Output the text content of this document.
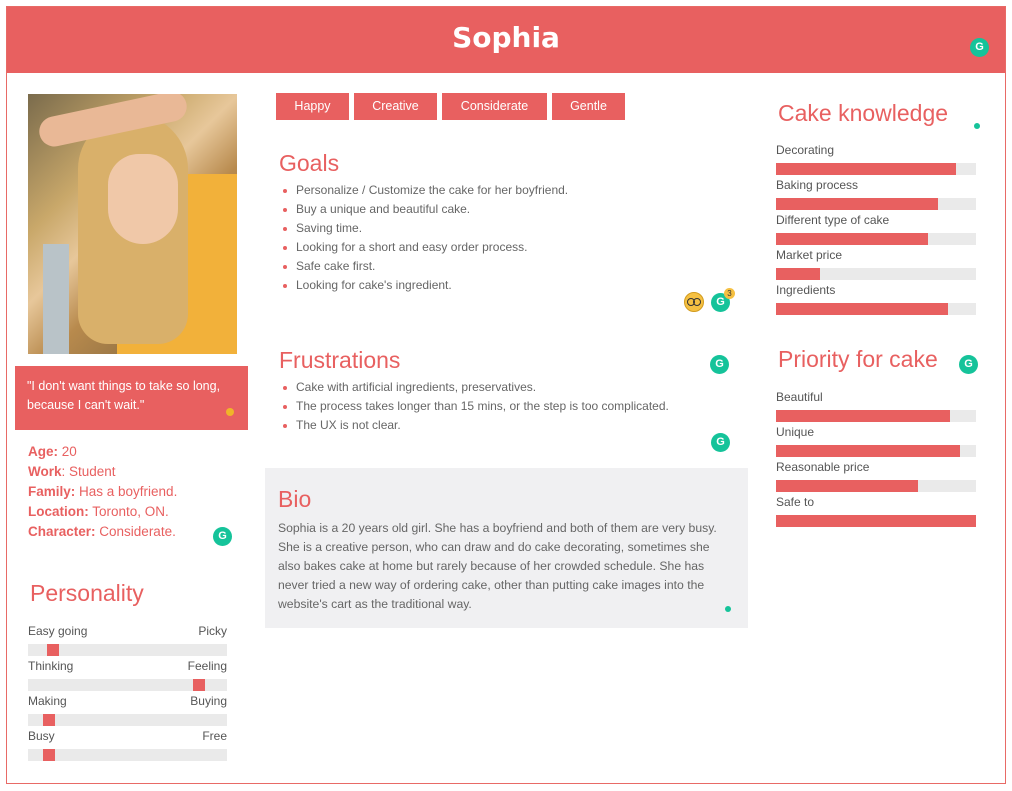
Sophia	G
"I don't want things to take so long, because I can't wait."
Age: 20
Work: Student
Family: Has a boyfriend.
Location: Toronto, ON.
Character: Considerate.	G
Personality
Easy going	Picky
Thinking	Feeling
Making	Buying
Busy	Free
Happy	Creative	Considerate	Gentle
Goals
Personalize / Customize the cake for her boyfriend.
Buy a unique and beautiful cake.
Saving time.
Looking for a short and easy order process.
Safe cake first.
Looking for cake's ingredient.
G
3
Frustrations	G
Cake with artificial ingredients, preservatives.
The process takes longer than 15 mins, or the step is too complicated.
The UX is not clear.
G
Bio
Sophia is a 20 years old girl. She has a boyfriend and both of them are very busy. She is a creative person, who can draw and do cake decorating, sometimes she also bakes cake at home but rarely because of her crowded schedule. She has never tried a new way of ordering cake, other than putting cake images into the website's cart as the traditional way.
Cake knowledge
Decorating
Baking process
Different type of cake
Market price
Ingredients
Priority for cake	G
Beautiful
Unique
Reasonable price
Safe to
